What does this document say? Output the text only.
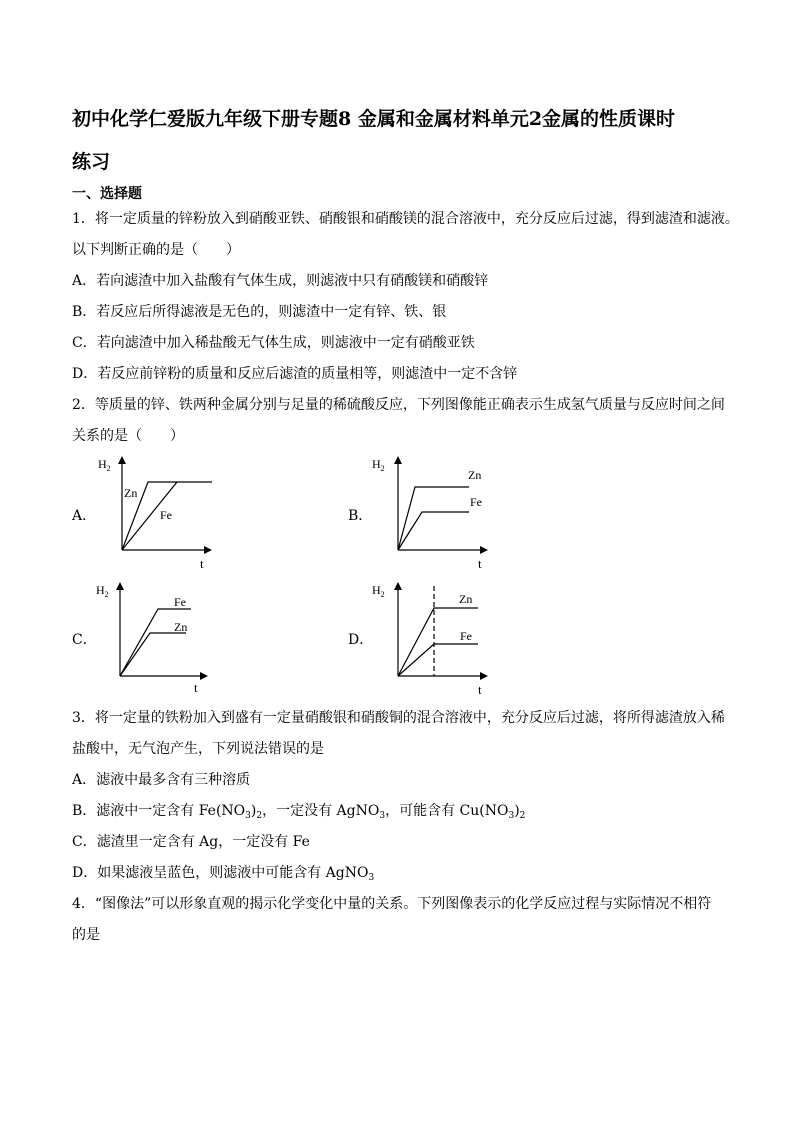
初中化学仁爱版九年级下册专题8 金属和金属材料单元2金属的性质课时
练习
一、选择题
1．将一定质量的锌粉放入到硝酸亚铁、硝酸银和硝酸镁的混合溶液中，充分反应后过滤，得到滤渣和滤液。
以下判断正确的是（　　）
A．若向滤渣中加入盐酸有气体生成，则滤液中只有硝酸镁和硝酸锌
B．若反应后所得滤液是无色的，则滤渣中一定有锌、铁、银
C．若向滤渣中加入稀盐酸无气体生成，则滤液中一定有硝酸亚铁
D．若反应前锌粉的质量和反应后滤渣的质量相等，则滤渣中一定不含锌
2．等质量的锌、铁两种金属分别与足量的稀硫酸反应，下列图像能正确表示生成氢气质量与反应时间之间
关系的是（　　）
A．	B．
C．	D．
$H_2$
t
Zn
Fe
$H_2$
t
Zn
Fe
$H_2$
t
Fe
Zn
$H_2$
t
Zn
Fe
3．将一定量的铁粉加入到盛有一定量硝酸银和硝酸铜的混合溶液中，充分反应后过滤，将所得滤渣放入稀
盐酸中，无气泡产生，下列说法错误的是
A．滤液中最多含有三种溶质
B．滤液中一定含有 $Fe(NO_3)_2$，一定没有 AgNO$_3$，可能含有 $Cu(NO_3)_2$
C．滤渣里一定含有 Ag，一定没有 Fe
D．如果滤液呈蓝色，则滤液中可能含有 AgNO$_3$
4．“图像法”可以形象直观的揭示化学变化中量的关系。下列图像表示的化学反应过程与实际情况不相符
的是
